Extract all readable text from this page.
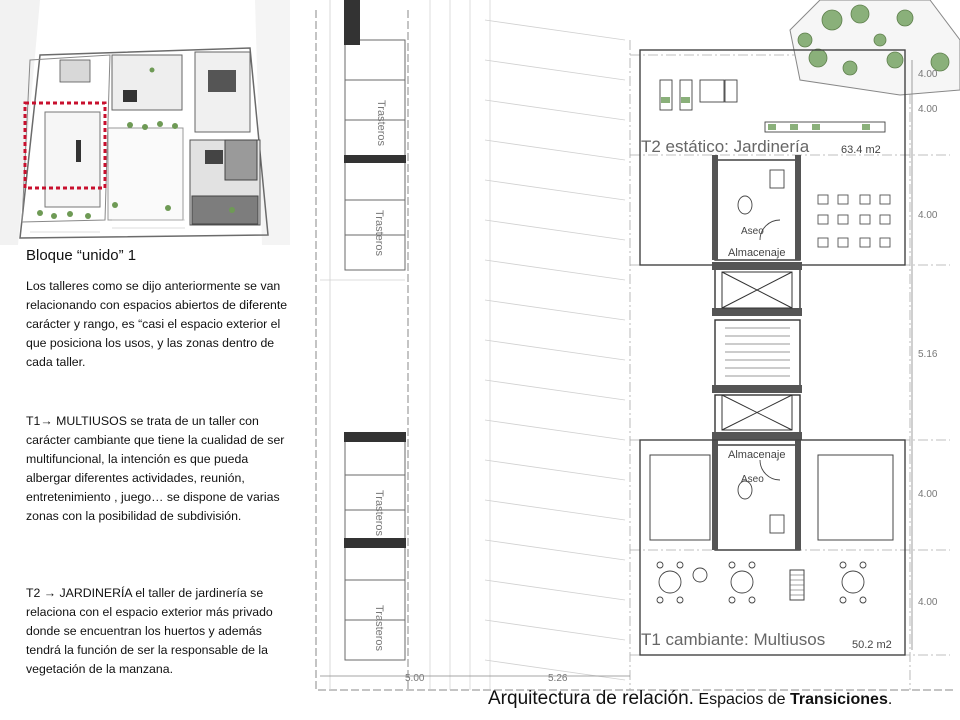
Bloque “unido” 1

Los talleres como se dijo anteriormente se van relacionando con espacios abiertos de diferente carácter y rango, es “casi el espacio exterior el que posiciona los usos, y las zonas dentro de cada taller.

T1→ MULTIUSOS se trata de un taller con carácter cambiante que tiene la cualidad de ser multifuncional, la intención es que pueda albergar diferentes actividades, reunión, entretenimiento , juego… se dispone de varias zonas con la posibilidad de subdivisión.

T2 → JARDINERÍA el taller de jardinería se relaciona con el espacio exterior más privado donde se encuentran los huertos y además tendrá la función de ser la responsable de la vegetación de la manzana.

Trasteros
Trasteros
Trasteros
Trasteros
Aseo
Almacenaje
Almacenaje
Aseo
T2 estático: Jardinería	63.4 m2
T1 cambiante: Multiusos 50.2 m2
4.00
4.00
4.00
5.16
4.00
4.00
5.00	5.26
Arquitectura de relación. Espacios de Transiciones.
